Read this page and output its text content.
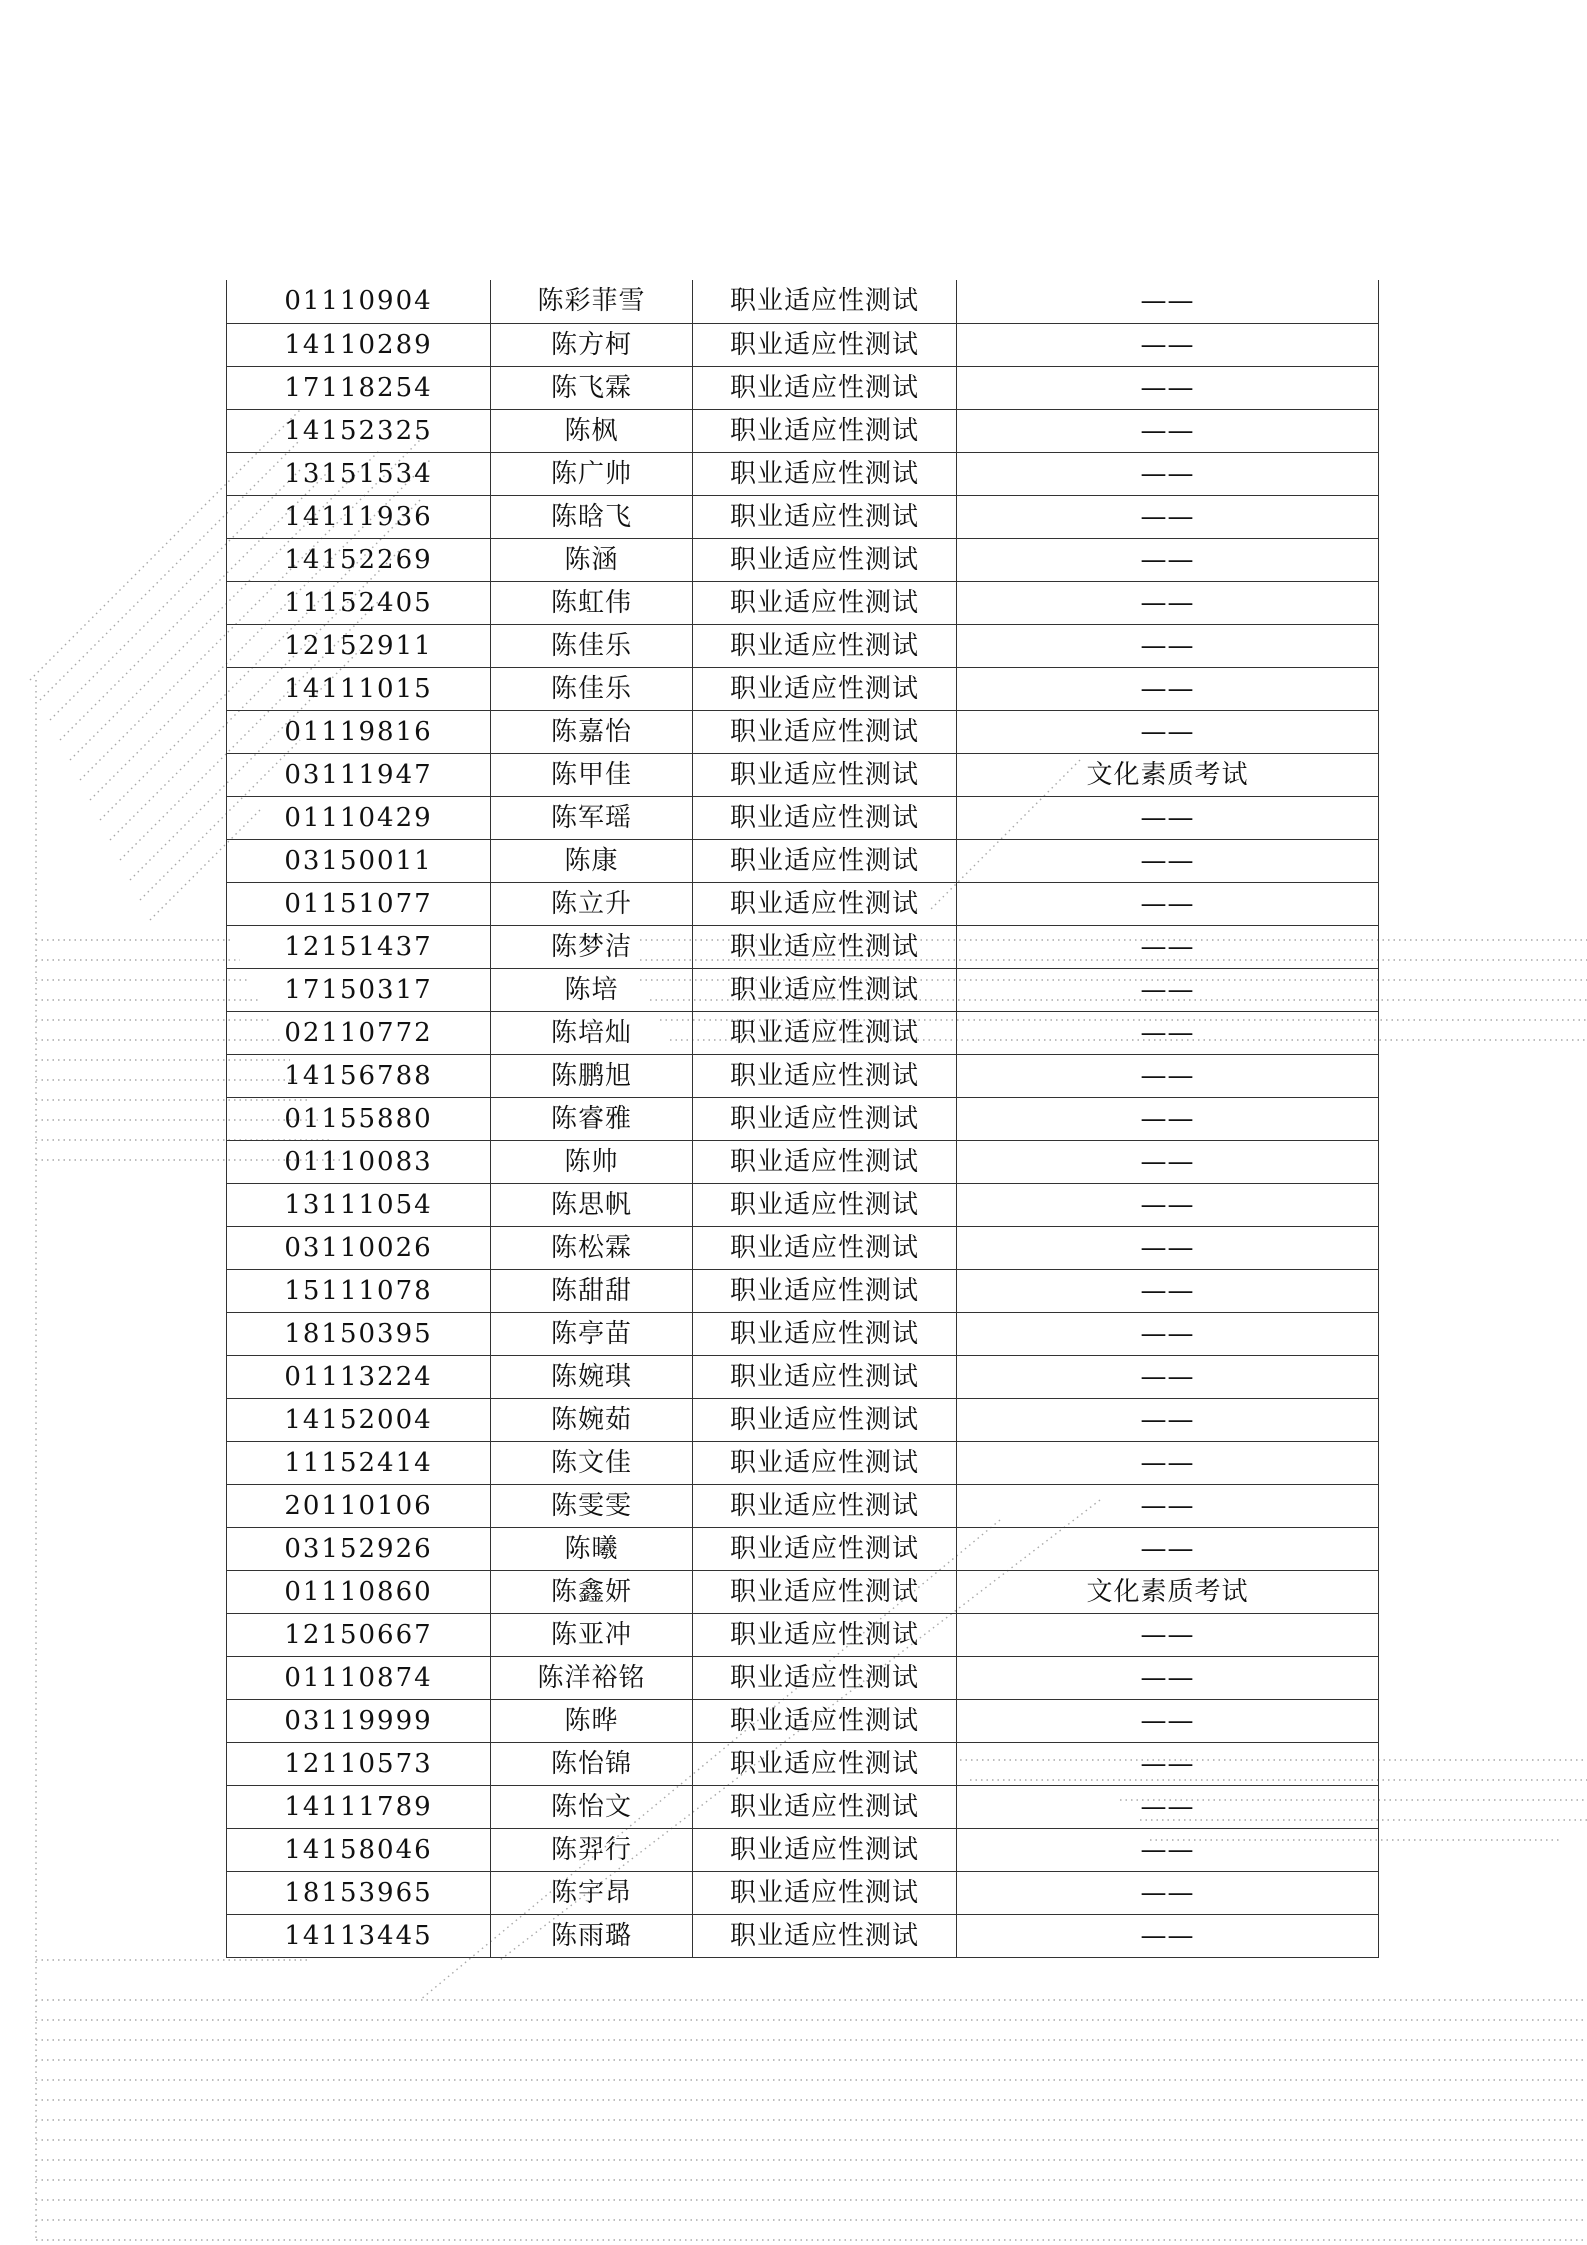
01110904	陈彩菲雪	职业适应性测试	——
14110289	陈方柯	职业适应性测试	——
17118254	陈飞霖	职业适应性测试	——
14152325	陈枫	职业适应性测试	——
13151534	陈广帅	职业适应性测试	——
14111936	陈晗飞	职业适应性测试	——
14152269	陈涵	职业适应性测试	——
11152405	陈虹伟	职业适应性测试	——
12152911	陈佳乐	职业适应性测试	——
14111015	陈佳乐	职业适应性测试	——
01119816	陈嘉怡	职业适应性测试	——
03111947	陈甲佳	职业适应性测试	文化素质考试
01110429	陈军瑶	职业适应性测试	——
03150011	陈康	职业适应性测试	——
01151077	陈立升	职业适应性测试	——
12151437	陈梦洁	职业适应性测试	——
17150317	陈培	职业适应性测试	——
02110772	陈培灿	职业适应性测试	——
14156788	陈鹏旭	职业适应性测试	——
01155880	陈睿雅	职业适应性测试	——
01110083	陈帅	职业适应性测试	——
13111054	陈思帆	职业适应性测试	——
03110026	陈松霖	职业适应性测试	——
15111078	陈甜甜	职业适应性测试	——
18150395	陈亭苗	职业适应性测试	——
01113224	陈婉琪	职业适应性测试	——
14152004	陈婉茹	职业适应性测试	——
11152414	陈文佳	职业适应性测试	——
20110106	陈雯雯	职业适应性测试	——
03152926	陈曦	职业适应性测试	——
01110860	陈鑫妍	职业适应性测试	文化素质考试
12150667	陈亚冲	职业适应性测试	——
01110874	陈洋裕铭	职业适应性测试	——
03119999	陈晔	职业适应性测试	——
12110573	陈怡锦	职业适应性测试	——
14111789	陈怡文	职业适应性测试	——
14158046	陈羿行	职业适应性测试	——
18153965	陈宇昂	职业适应性测试	——
14113445	陈雨璐	职业适应性测试	——
